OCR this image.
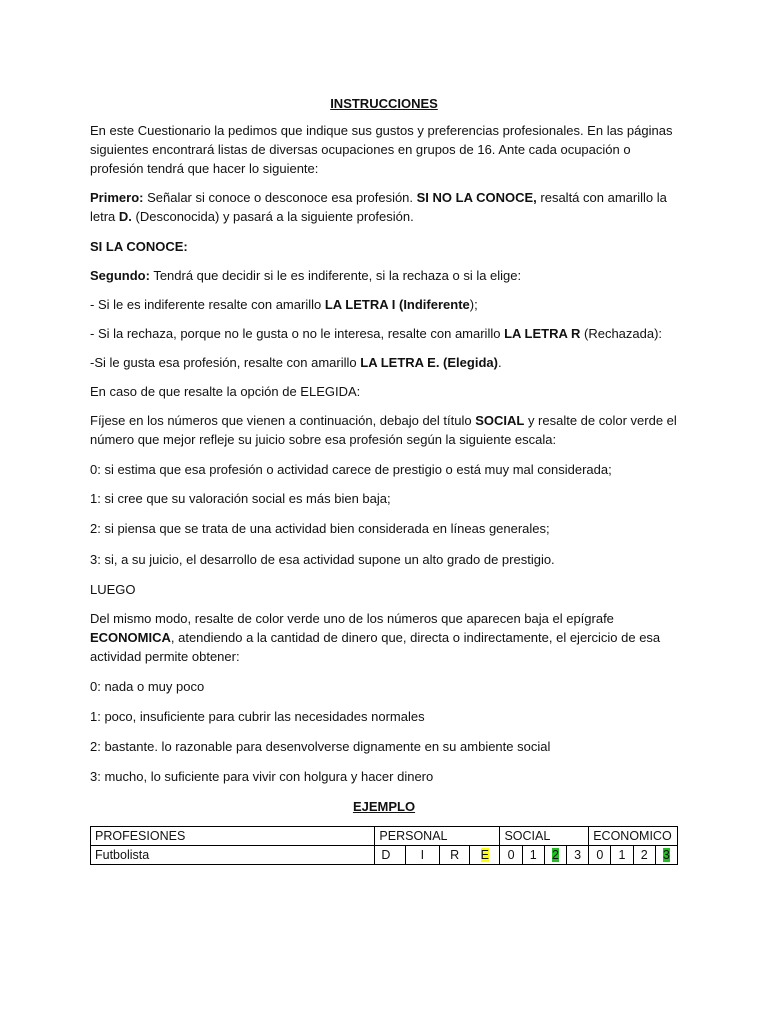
INSTRUCCIONES
En este Cuestionario la pedimos que indique sus gustos y preferencias profesionales. En las páginas siguientes encontrará listas de diversas ocupaciones en grupos de 16. Ante cada ocupación o profesión tendrá que hacer lo siguiente:
Primero: Señalar si conoce o desconoce esa profesión. SI NO LA CONOCE, resaltá con amarillo la letra D. (Desconocida) y pasará a la siguiente profesión.
SI LA CONOCE:
Segundo: Tendrá que decidir si le es indiferente, si la rechaza o si la elige:
- Si le es indiferente resalte con amarillo LA LETRA I (Indiferente);
- Si la rechaza, porque no le gusta o no le interesa, resalte con amarillo LA LETRA R (Rechazada):
-Si le gusta esa profesión, resalte con amarillo LA LETRA E. (Elegida).
En caso de que resalte la opción de ELEGIDA:
Fíjese en los números que vienen a continuación, debajo del título SOCIAL y resalte de color verde el número que mejor refleje su juicio sobre esa profesión según la siguiente escala:
0: si estima que esa profesión o actividad carece de prestigio o está muy mal considerada;
1: si cree que su valoración social es más bien baja;
2: si piensa que se trata de una actividad bien considerada en líneas generales;
3: si, a su juicio, el desarrollo de esa actividad supone un alto grado de prestigio.
LUEGO
Del mismo modo, resalte de color verde uno de los números que aparecen baja el epígrafe ECONOMICA, atendiendo a la cantidad de dinero que, directa o indirectamente, el ejercicio de esa actividad permite obtener:
0: nada o muy poco
1: poco, insuficiente para cubrir las necesidades normales
2: bastante. lo razonable para desenvolverse dignamente en su ambiente social
3: mucho, lo suficiente para vivir con holgura y hacer dinero
EJEMPLO
PROFESIONES	PERSONAL				SOCIAL				ECONOMICO			
Futbolista	D	I	R	E	0	1	2	3	0	1	2	3
